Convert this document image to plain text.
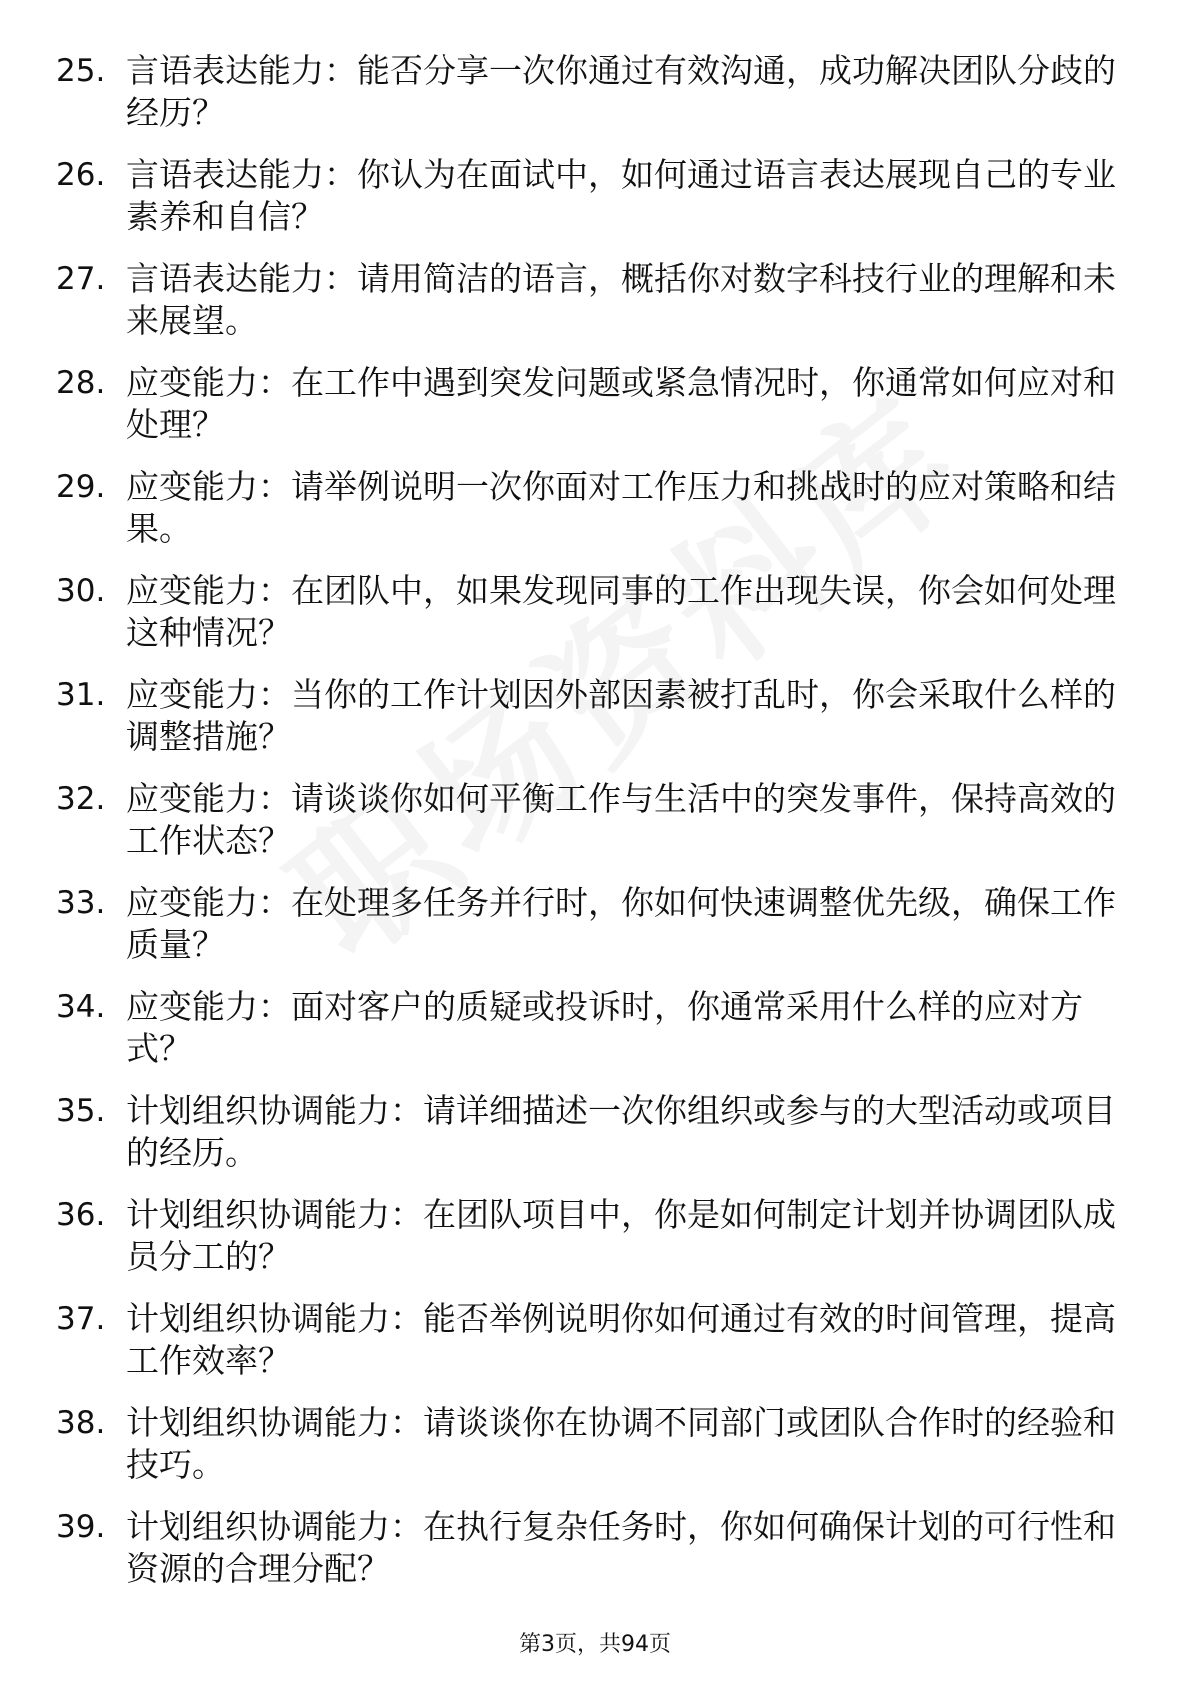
25. 言语表达能力：能否分享一次你通过有效沟通，成功解决团队分歧的经历？
26. 言语表达能力：你认为在面试中，如何通过语言表达展现自己的专业素养和自信？
27. 言语表达能力：请用简洁的语言，概括你对数字科技行业的理解和未来展望。
28. 应变能力：在工作中遇到突发问题或紧急情况时，你通常如何应对和处理？
29. 应变能力：请举例说明一次你面对工作压力和挑战时的应对策略和结果。
30. 应变能力：在团队中，如果发现同事的工作出现失误，你会如何处理这种情况？
31. 应变能力：当你的工作计划因外部因素被打乱时，你会采取什么样的调整措施？
32. 应变能力：请谈谈你如何平衡工作与生活中的突发事件，保持高效的工作状态？
33. 应变能力：在处理多任务并行时，你如何快速调整优先级，确保工作质量？
34. 应变能力：面对客户的质疑或投诉时，你通常采用什么样的应对方式？
35. 计划组织协调能力：请详细描述一次你组织或参与的大型活动或项目的经历。
36. 计划组织协调能力：在团队项目中，你是如何制定计划并协调团队成员分工的？
37. 计划组织协调能力：能否举例说明你如何通过有效的时间管理，提高工作效率？
38. 计划组织协调能力：请谈谈你在协调不同部门或团队合作时的经验和技巧。
39. 计划组织协调能力：在执行复杂任务时，你如何确保计划的可行性和资源的合理分配？
第3页，共94页
